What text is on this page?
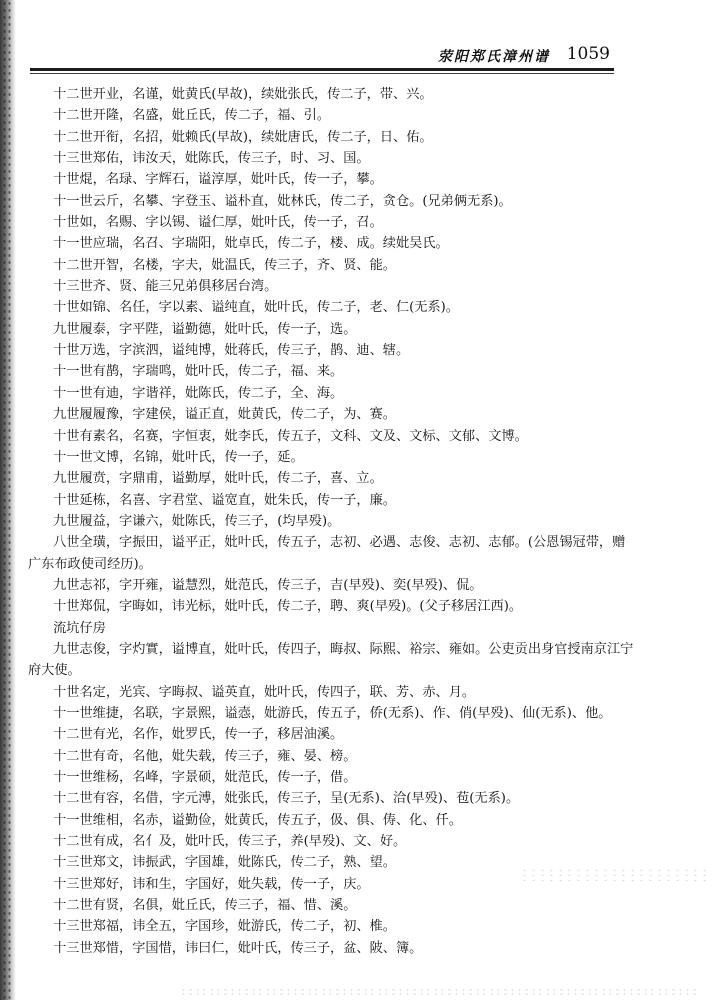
荥阳郑氏漳州谱 1059

十二世开业，名谨，妣黄氏(早故)，续妣张氏，传二子，带、兴。

十二世开隆，名盛，妣丘氏，传二子，福、引。

十二世开衔，名招，妣赖氏(早故)，续妣唐氏，传二子，日、佑。

十三世郑佑，讳汝天，妣陈氏，传三子，时、习、国。

十世焜，名琭、字辉石，谥淳厚，妣叶氏，传一子，攀。

十一世云斤，名攀、字登玉、谥朴直，妣林氏，传二子，贪仓。(兄弟俩无系)。

十世如，名赐、字以锡、谥仁厚，妣叶氏，传一子，召。

十一世应瑞，名召、字瑞阳，妣卓氏，传二子，楼、成。续妣吴氏。

十二世开智，名楼，字夫，妣温氏，传三子，齐、贤、能。

十三世齐、贤、能三兄弟俱移居台湾。

十世如锦、名任，字以素、谥纯直，妣叶氏，传二子，老、仁(无系)。

九世履泰，字平陛，谥勤德，妣叶氏，传一子，选。

十世万选，字滨泗，谥纯博，妣蒋氏，传三子，鹊、迪、辖。

十一世有鹊，字瑞鸣，妣叶氏，传二子，福、来。

十一世有迪，字谐祥，妣陈氏，传二子，全、海。

九世履履豫，字建侯，谥正直，妣黄氏，传二子，为、赛。

十世有素名，名赛，字恒衷，妣李氏，传五子，文科、文及、文标、文郁、文博。

十一世文博，名锦，妣叶氏，传一子，延。

九世履贲，字鼎甫，谥勤厚，妣叶氏，传二子，喜、立。

十世延栋，名喜、字君堂、谥宽直，妣朱氏，传一子，廉。

九世履益，字谦六，妣陈氏，传三子，(均早殁)。

八世全璜，字振田，谥平正，妣叶氏，传五子，志初、必遇、志俊、志初、志郁。(公恩锡冠带，赠

广东布政使司经历)。

九世志祁，字开雍，谥慧烈，妣范氏，传三子，吉(早殁)、奕(早殁)、侃。

十世郑侃，字晦如，讳光标，妣叶氏，传二子，聘、爽(早殁)。(父子移居江西)。

流坑仔房

九世志俊，字灼實，谥博直，妣叶氏，传四子，晦叔、际熙、裕宗、雍如。公吏贡出身官授南京江宁

府大使。

十世名定，光宾、字晦叔、谥英直，妣叶氏，传四子，联、芳、赤、月。

十一世维捷，名联，字景熙，谥悫，妣游氏，传五子，侨(无系)、作、俏(早殁)、仙(无系)、他。

十二世有光，名作，妣罗氏，传一子，移居油溪。

十二世有奇，名他，妣失载，传三子，雍、晏、榜。

十一世维杨，名峰，字景硕，妣范氏，传一子，借。

十二世有容，名借，字元溥，妣张氏，传三子，呈(无系)、洽(早殁)、苞(无系)。

十一世维相，名赤，谥勤俭，妣黄氏，传五子，伋、俱、俦、化、仟。

十二世有成，名亻及，妣叶氏，传三子，养(早殁)、文、好。

十三世郑文，讳振武，字国雄，妣陈氏，传二子，熟、望。

十三世郑好，讳和生，字国好，妣失载，传一子，庆。

十二世有贤，名俱，妣丘氏，传三子，福、惜、溪。

十三世郑福，讳全五，字国珍，妣游氏，传二子，初、椎。

十三世郑惜，字国惜，讳曰仁，妣叶氏，传三子，盆、陂、簿。
